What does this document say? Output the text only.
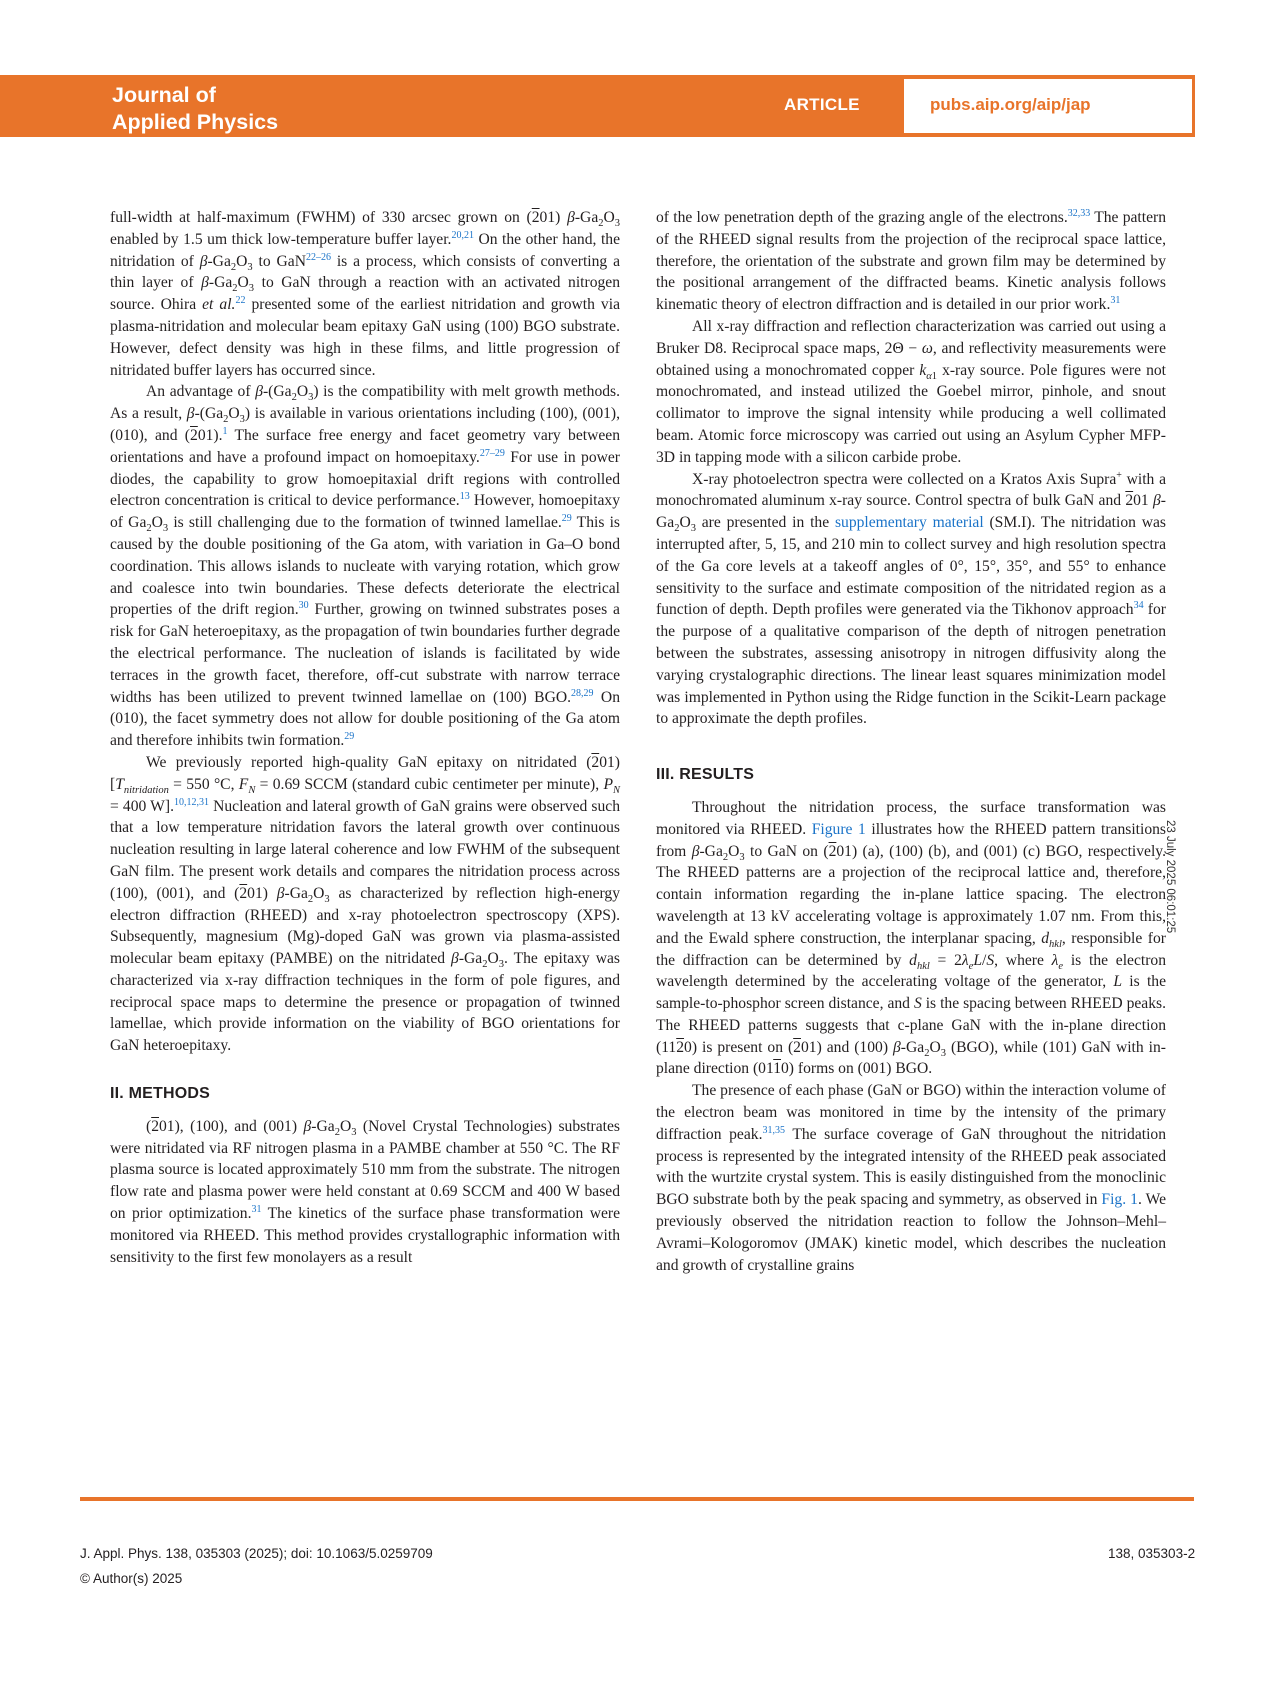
Journal of
Applied Physics
ARTICLE	pubs.aip.org/aip/jap

full-width at half-maximum (FWHM) of 330 arcsec grown on (201) $\beta-Ga_2O_3$ enabled by 1.5 um thick low-temperature buffer layer.$^{20,21}$ On the other hand, the nitridation of $\beta-Ga_2O_3$ to GaN$^{22-26}$ is a process, which consists of converting a thin layer of $\beta-Ga_2O_3$ to GaN through a reaction with an activated nitrogen source. Ohira et al.$^{22}$ presented some of the earliest nitridation and growth via plasma-nitridation and molecular beam epitaxy GaN using (100) BGO substrate. However, defect density was high in these films, and little progression of nitridated buffer layers has occurred since.

An advantage of $\beta-(Ga_2O_3)$ is the compatibility with melt growth methods. As a result, $\beta-(Ga_2O_3)$ is available in various orientations including (100), (001), (010), and (201).$^1$ The surface free energy and facet geometry vary between orientations and have a profound impact on homoepitaxy.$^{27-29}$ For use in power diodes, the capability to grow homoepitaxial drift regions with controlled electron concentration is critical to device performance.$^{13}$ However, homoepitaxy of $Ga_2O_3$ is still challenging due to the formation of twinned lamellae.$^{29}$ This is caused by the double positioning of the Ga atom, with variation in Ga–O bond coordination. This allows islands to nucleate with varying rotation, which grow and coalesce into twin boundaries. These defects deteriorate the electrical properties of the drift region.$^{30}$ Further, growing on twinned substrates poses a risk for GaN heteroepitaxy, as the propagation of twin boundaries further degrade the electrical performance. The nucleation of islands is facilitated by wide terraces in the growth facet, therefore, off-cut substrate with narrow terrace widths has been utilized to prevent twinned lamellae on (100) BGO.$^{28,29}$ On (010), the facet symmetry does not allow for double positioning of the Ga atom and therefore inhibits twin formation.$^{29}$

We previously reported high-quality GaN epitaxy on nitridated (201) [$T_{nitridation} = 550$ °C, $F_N = 0.69$ SCCM (standard cubic centimeter per minute), $P_N = 400$ W].$^{10,12,31}$ Nucleation and lateral growth of GaN grains were observed such that a low temperature nitridation favors the lateral growth over continuous nucleation resulting in large lateral coherence and low FWHM of the subsequent GaN film. The present work details and compares the nitridation process across (100), (001), and (201) $\beta-Ga_2O_3$ as characterized by reflection high-energy electron diffraction (RHEED) and x-ray photoelectron spectroscopy (XPS). Subsequently, magnesium (Mg)-doped GaN was grown via plasma-assisted molecular beam epitaxy (PAMBE) on the nitridated $\beta-Ga_2O_3$. The epitaxy was characterized via x-ray diffraction techniques in the form of pole figures, and reciprocal space maps to determine the presence or propagation of twinned lamellae, which provide information on the viability of BGO orientations for GaN heteroepitaxy.

II. METHODS

(201), (100), and (001) $\beta-Ga_2O_3$ (Novel Crystal Technologies) substrates were nitridated via RF nitrogen plasma in a PAMBE chamber at 550 °C. The RF plasma source is located approximately 510 mm from the substrate. The nitrogen flow rate and plasma power were held constant at 0.69 SCCM and 400 W based on prior optimization.$^{31}$ The kinetics of the surface phase transformation were monitored via RHEED. This method provides crystallographic information with sensitivity to the first few monolayers as a result

of the low penetration depth of the grazing angle of the electrons.$^{32,33}$ The pattern of the RHEED signal results from the projection of the reciprocal space lattice, therefore, the orientation of the substrate and grown film may be determined by the positional arrangement of the diffracted beams. Kinetic analysis follows kinematic theory of electron diffraction and is detailed in our prior work.$^{31}$

All x-ray diffraction and reflection characterization was carried out using a Bruker D8. Reciprocal space maps, 2Θ − ω, and reflectivity measurements were obtained using a monochromated copper $k_{\alpha 1}$ x-ray source. Pole figures were not monochromated, and instead utilized the Goebel mirror, pinhole, and snout collimator to improve the signal intensity while producing a well collimated beam. Atomic force microscopy was carried out using an Asylum Cypher MFP-3D in tapping mode with a silicon carbide probe.

X-ray photoelectron spectra were collected on a Kratos Axis Supra+ with a monochromated aluminum x-ray source. Control spectra of bulk GaN and 201 $\beta-Ga_2O_3$ are presented in the supplementary material (SM.I). The nitridation was interrupted after, 5, 15, and 210 min to collect survey and high resolution spectra of the Ga core levels at a takeoff angles of 0°, 15°, 35°, and 55° to enhance sensitivity to the surface and estimate composition of the nitridated region as a function of depth. Depth profiles were generated via the Tikhonov approach$^{34}$ for the purpose of a qualitative comparison of the depth of nitrogen penetration between the substrates, assessing anisotropy in nitrogen diffusivity along the varying crystalographic directions. The linear least squares minimization model was implemented in Python using the Ridge function in the Scikit-Learn package to approximate the depth profiles.

III. RESULTS

Throughout the nitridation process, the surface transformation was monitored via RHEED. Figure 1 illustrates how the RHEED pattern transitions from $\beta-Ga_2O_3$ to GaN on (201) (a), (100) (b), and (001) (c) BGO, respectively. The RHEED patterns are a projection of the reciprocal lattice and, therefore, contain information regarding the in-plane lattice spacing. The electron wavelength at 13 kV accelerating voltage is approximately 1.07 nm. From this, and the Ewald sphere construction, the interplanar spacing, $d_{hkl}$, responsible for the diffraction can be determined by $d_{hkl} = 2\lambda_eL/S$, where $\lambda_e$ is the electron wavelength determined by the accelerating voltage of the generator, L is the sample-to-phosphor screen distance, and S is the spacing between RHEED peaks. The RHEED patterns suggests that c-plane GaN with the in-plane direction (1120) is present on (201) and (100) $\beta-Ga_2O_3$ (BGO), while (101) GaN with in-plane direction (0110) forms on (001) BGO.

The presence of each phase (GaN or BGO) within the interaction volume of the electron beam was monitored in time by the intensity of the primary diffraction peak.$^{31,35}$ The surface coverage of GaN throughout the nitridation process is represented by the integrated intensity of the RHEED peak associated with the wurtzite crystal system. This is easily distinguished from the monoclinic BGO substrate both by the peak spacing and symmetry, as observed in Fig. 1. We previously observed the nitridation reaction to follow the Johnson–Mehl–Avrami–Kologoromov (JMAK) kinetic model, which describes the nucleation and growth of crystalline grains

23 July 2025 06:01:25
J. Appl. Phys. 138, 035303 (2025); doi: 10.1063/5.0259709
© Author(s) 2025
138, 035303-2
